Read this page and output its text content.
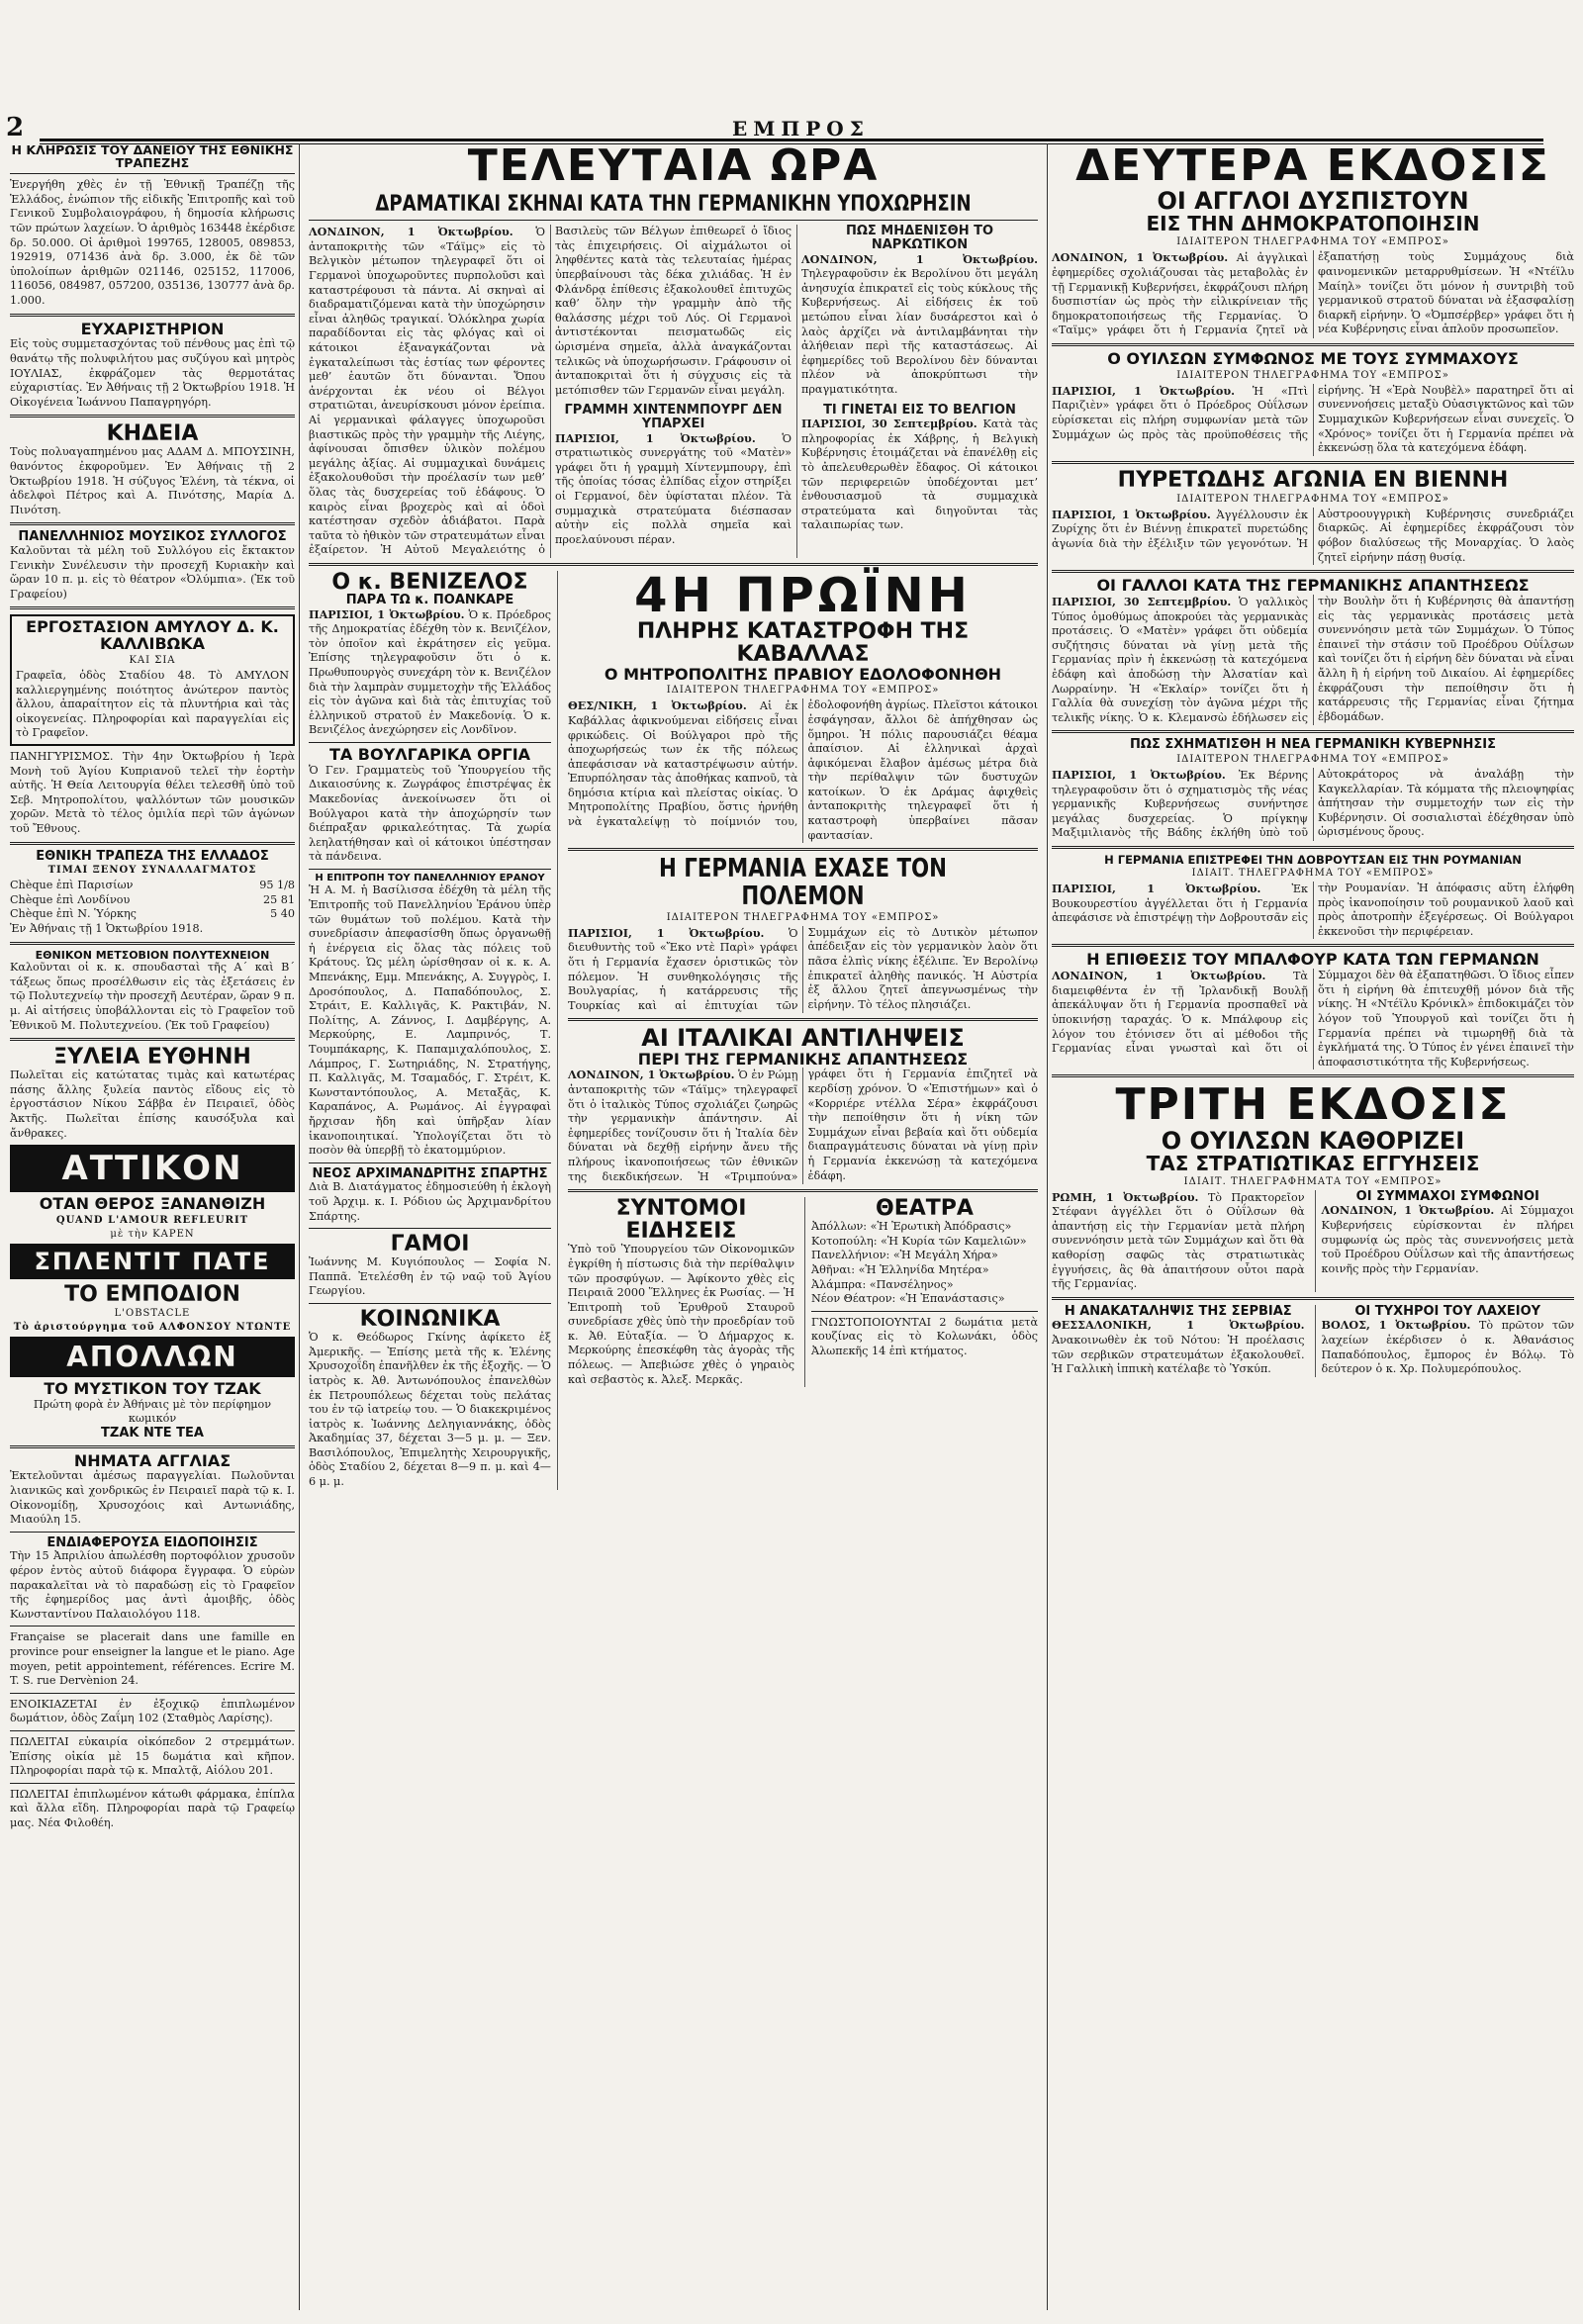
2	ΕΜΠΡΟΣ
Η ΚΛΗΡΩΣΙΣ ΤΟΥ ΔΑΝΕΙΟΥ ΤΗΣ ΕΘΝΙΚΗΣ ΤΡΑΠΕΖΗΣ
Ἐνεργήθη χθὲς ἐν τῇ Ἐθνικῇ Τραπέζῃ τῆς Ἑλλάδος, ἐνώπιον τῆς εἰδικῆς Ἐπιτροπῆς καὶ τοῦ Γενικοῦ Συμβολαιογράφου, ἡ δημοσία κλήρωσις τῶν πρώτων λαχείων. Ὁ ἀριθμὸς 163448 ἐκέρδισε δρ. 50.000. Οἱ ἀριθμοὶ 199765, 128005, 089853, 192919, 071436 ἀνὰ δρ. 3.000, ἐκ δὲ τῶν ὑπολοίπων ἀριθμῶν 021146, 025152, 117006, 116056, 084987, 057200, 035136, 130777 ἀνὰ δρ. 1.000.
ΕΥΧΑΡΙΣΤΗΡΙΟΝ
Εἰς τοὺς συμμετασχόντας τοῦ πένθους μας ἐπὶ τῷ θανάτῳ τῆς πολυφιλήτου μας συζύγου καὶ μητρὸς ΙΟΥΛΙΑΣ, ἐκφράζομεν τὰς θερμοτάτας εὐχαριστίας. Ἐν Ἀθήναις τῇ 2 Ὀκτωβρίου 1918. Ἡ Οἰκογένεια Ἰωάννου Παπαγρηγόρη.
ΚΗΔΕΙΑ
Τοὺς πολυαγαπημένου μας ΑΔΑΜ Δ. ΜΠΟΥΣΙΝΗ, θανόντος ἐκφοροῦμεν. Ἐν Ἀθήναις τῇ 2 Ὀκτωβρίου 1918. Ἡ σύζυγος Ἑλένη, τὰ τέκνα, οἱ ἀδελφοὶ Πέτρος καὶ Α. Πινότσης, Μαρία Δ. Πινότση.
ΠΑΝΕΛΛΗΝΙΟΣ ΜΟΥΣΙΚΟΣ ΣΥΛΛΟΓΟΣ
Καλοῦνται τὰ μέλη τοῦ Συλλόγου εἰς ἔκτακτον Γενικὴν Συνέλευσιν τὴν προσεχῆ Κυριακὴν καὶ ὥραν 10 π. μ. εἰς τὸ θέατρον «Ὀλύμπια». (Ἐκ τοῦ Γραφείου)
ΕΡΓΟΣΤΑΣΙΟΝ ΑΜΥΛΟΥ Δ. Κ. ΚΑΛΛΙΒΩΚΑ
ΚΑΙ ΣΙΑ
Γραφεῖα, ὁδὸς Σταδίου 48. Τὸ ΑΜΥΛΟΝ καλλιεργημένης ποιότητος ἀνώτερον παντὸς ἄλλου, ἀπαραίτητον εἰς τὰ πλυντήρια καὶ τὰς οἰκογενείας. Πληροφορίαι καὶ παραγγελίαι εἰς τὸ Γραφεῖον.
ΠΑΝΗΓΥΡΙΣΜΟΣ. Τὴν 4ην Ὀκτωβρίου ἡ Ἱερὰ Μονὴ τοῦ Ἁγίου Κυπριανοῦ τελεῖ τὴν ἑορτὴν αὐτῆς. Ἡ Θεία Λειτουργία θέλει τελεσθῆ ὑπὸ τοῦ Σεβ. Μητροπολίτου, ψαλλόντων τῶν μουσικῶν χορῶν. Μετὰ τὸ τέλος ὁμιλία περὶ τῶν ἀγώνων τοῦ Ἔθνους.
ΕΘΝΙΚΗ ΤΡΑΠΕΖΑ ΤΗΣ ΕΛΛΑΔΟΣ
ΤΙΜΑΙ ΞΕΝΟΥ ΣΥΝΑΛΛΑΓΜΑΤΟΣ
Chèque ἐπὶ Παρισίων	95 1/8
Chèque ἐπὶ Λονδίνου	25 81
Chèque ἐπὶ Ν. Ὑόρκης	5 40
Ἐν Ἀθήναις τῇ 1 Ὀκτωβρίου 1918.
ΕΘΝΙΚΟΝ ΜΕΤΣΟΒΙΟΝ ΠΟΛΥΤΕΧΝΕΙΟΝ
Καλοῦνται οἱ κ. κ. σπουδασταὶ τῆς Α΄ καὶ Β΄ τάξεως ὅπως προσέλθωσιν εἰς τὰς ἐξετάσεις ἐν τῷ Πολυτεχνείῳ τὴν προσεχῆ Δευτέραν, ὥραν 9 π. μ. Αἱ αἰτήσεις ὑποβάλλονται εἰς τὸ Γραφεῖον τοῦ Ἐθνικοῦ Μ. Πολυτεχνείου. (Ἐκ τοῦ Γραφείου)
ΞΥΛΕΙΑ ΕΥΘΗΝΗ
Πωλεῖται εἰς κατώτατας τιμὰς καὶ κατωτέρας πάσης ἄλλης ξυλεία παντὸς εἴδους εἰς τὸ ἐργοστάσιον Νίκου Σάββα ἐν Πειραιεῖ, ὁδὸς Ἀκτῆς. Πωλεῖται ἐπίσης καυσόξυλα καὶ ἄνθρακες.
ΑΤΤΙΚΟΝ
ΟΤΑΝ ΘΕΡΟΣ ΞΑΝΑΝΘΙΖΗ
QUAND L'AMOUR REFLEURIT
μὲ τὴν ΚΑΡΕΝ
ΣΠΛΕΝΤΙΤ ΠΑΤΕ
ΤΟ ΕΜΠΟΔΙΟΝ
L'OBSTACLE
Τὸ ἀριστούργημα τοῦ ΑΛΦΟΝΣΟΥ ΝΤΩΝΤΕ
ΑΠΟΛΛΩΝ
ΤΟ ΜΥΣΤΙΚΟΝ ΤΟΥ ΤΖΑΚ
Πρώτη φορὰ ἐν Ἀθήναις μὲ τὸν περίφημον κωμικόν
ΤΖΑΚ ΝΤΕ ΤΕΑ
ΝΗΜΑΤΑ ΑΓΓΛΙΑΣ
Ἐκτελοῦνται ἀμέσως παραγγελίαι. Πωλοῦνται λιανικῶς καὶ χονδρικῶς ἐν Πειραιεῖ παρὰ τῷ κ. Ι. Οἰκονομίδῃ, Χρυσοχόοις καὶ Αντωνιάδης, Μιαούλη 15.
ΕΝΔΙΑΦΕΡΟΥΣΑ ΕΙΔΟΠΟΙΗΣΙΣ
Τὴν 15 Ἀπριλίου ἀπωλέσθη πορτοφόλιον χρυσοῦν φέρον ἐντὸς αὐτοῦ διάφορα ἔγγραφα. Ὁ εὑρὼν παρακαλεῖται νὰ τὸ παραδώσῃ εἰς τὸ Γραφεῖον τῆς ἐφημερίδος μας ἀντὶ ἀμοιβῆς, ὁδὸς Κωνσταντίνου Παλαιολόγου 118.
Française se placerait dans une famille en province pour enseigner la langue et le piano. Age moyen, petit appointement, références. Ecrire M. T. S. rue Dervènion 24.
ΕΝΟΙΚΙΑΖΕΤΑΙ ἐν ἐξοχικῷ ἐπιπλωμένον δωμάτιον, ὁδὸς Ζαΐμη 102 (Σταθμὸς Λαρίσης).
ΠΩΛΕΙΤΑΙ εὐκαιρία οἰκόπεδον 2 στρεμμάτων. Ἐπίσης οἰκία μὲ 15 δωμάτια καὶ κῆπον. Πληροφορίαι παρὰ τῷ κ. Μπαλτᾷ, Αἰόλου 201.
ΠΩΛΕΙΤΑΙ ἐπιπλωμένον κάτωθι φάρμακα, ἐπίπλα καὶ ἄλλα εἴδη. Πληροφορίαι παρὰ τῷ Γραφείῳ μας. Νέα Φιλοθέη.
ΤΕΛΕΥΤΑΙΑ ΩΡΑ
ΔΡΑΜΑΤΙΚΑΙ ΣΚΗΝΑΙ ΚΑΤΑ ΤΗΝ ΓΕΡΜΑΝΙΚΗΝ ΥΠΟΧΩΡΗΣΙΝ
ΛΟΝΔΙΝΟΝ, 1 Ὀκτωβρίου. Ὁ ἀνταποκριτὴς τῶν «Τάϊμς» εἰς τὸ Βελγικὸν μέτωπον τηλεγραφεῖ ὅτι οἱ Γερμανοὶ ὑποχωροῦντες πυρπολοῦσι καὶ καταστρέφουσι τὰ πάντα. Αἱ σκηναὶ αἱ διαδραματιζόμεναι κατὰ τὴν ὑποχώρησιν εἶναι ἀληθῶς τραγικαί. Ὁλόκληρα χωρία παραδίδονται εἰς τὰς φλόγας καὶ οἱ κάτοικοι ἐξαναγκάζονται νὰ ἐγκαταλείπωσι τὰς ἑστίας των φέροντες μεθ’ ἑαυτῶν ὅτι δύνανται. Ὅπου ἀνέρχονται ἐκ νέου οἱ Βέλγοι στρατιῶται, ἀνευρίσκουσι μόνον ἐρείπια. Αἱ γερμανικαὶ φάλαγγες ὑποχωροῦσι βιαστικῶς πρὸς τὴν γραμμὴν τῆς Λιέγης, ἀφίνουσαι ὄπισθεν ὑλικὸν πολέμου μεγάλης ἀξίας. Αἱ συμμαχικαὶ δυνάμεις ἐξακολουθοῦσι τὴν προέλασίν των μεθ’ ὅλας τὰς δυσχερείας τοῦ ἐδάφους. Ὁ καιρὸς εἶναι βροχερὸς καὶ αἱ ὁδοὶ κατέστησαν σχεδὸν ἀδιάβατοι. Παρὰ ταῦτα τὸ ἠθικὸν τῶν στρατευμάτων εἶναι ἐξαίρετον. Ἡ Αὐτοῦ Μεγαλειότης ὁ Βασιλεὺς τῶν Βέλγων ἐπιθεωρεῖ ὁ ἴδιος τὰς ἐπιχειρήσεις. Οἱ αἰχμάλωτοι οἱ ληφθέντες κατὰ τὰς τελευταίας ἡμέρας ὑπερβαίνουσι τὰς δέκα χιλιάδας. Ἡ ἐν Φλάνδρᾳ ἐπίθεσις ἐξακολουθεῖ ἐπιτυχῶς καθ’ ὅλην τὴν γραμμὴν ἀπὸ τῆς θαλάσσης μέχρι τοῦ Λύς. Οἱ Γερμανοὶ ἀντιστέκονται πεισματωδῶς εἰς ὡρισμένα σημεῖα, ἀλλὰ ἀναγκάζονται τελικῶς νὰ ὑποχωρήσωσιν. Γράφουσιν οἱ ἀνταποκριταὶ ὅτι ἡ σύγχυσις εἰς τὰ μετόπισθεν τῶν Γερμανῶν εἶναι μεγάλη.
ΓΡΑΜΜΗ ΧΙΝΤΕΝΜΠΟΥΡΓ ΔΕΝ ΥΠΑΡΧΕΙ
ΠΑΡΙΣΙΟΙ, 1 Ὀκτωβρίου. Ὁ στρατιωτικὸς συνεργάτης τοῦ «Ματὲν» γράφει ὅτι ἡ γραμμὴ Χίντενμπουργ, ἐπὶ τῆς ὁποίας τόσας ἐλπίδας εἶχον στηρίξει οἱ Γερμανοί, δὲν ὑφίσταται πλέον. Τὰ συμμαχικὰ στρατεύματα διέσπασαν αὐτὴν εἰς πολλὰ σημεῖα καὶ προελαύνουσι πέραν.
ΠΩΣ ΜΗΔΕΝΙΣΘΗ ΤΟ ΝΑΡΚΩΤΙΚΟΝ
ΛΟΝΔΙΝΟΝ, 1 Ὀκτωβρίου. Τηλεγραφοῦσιν ἐκ Βερολίνου ὅτι μεγάλη ἀνησυχία ἐπικρατεῖ εἰς τοὺς κύκλους τῆς Κυβερνήσεως. Αἱ εἰδήσεις ἐκ τοῦ μετώπου εἶναι λίαν δυσάρεστοι καὶ ὁ λαὸς ἀρχίζει νὰ ἀντιλαμβάνηται τὴν ἀλήθειαν περὶ τῆς καταστάσεως. Αἱ ἐφημερίδες τοῦ Βερολίνου δὲν δύνανται πλέον νὰ ἀποκρύπτωσι τὴν πραγματικότητα.
ΤΙ ΓΙΝΕΤΑΙ ΕΙΣ ΤΟ ΒΕΛΓΙΟΝ
ΠΑΡΙΣΙΟΙ, 30 Σεπτεμβρίου. Κατὰ τὰς πληροφορίας ἐκ Χάβρης, ἡ Βελγικὴ Κυβέρνησις ἑτοιμάζεται νὰ ἐπανέλθῃ εἰς τὸ ἀπελευθερωθὲν ἔδαφος. Οἱ κάτοικοι τῶν περιφερειῶν ὑποδέχονται μετ’ ἐνθουσιασμοῦ τὰ συμμαχικὰ στρατεύματα καὶ διηγοῦνται τὰς ταλαιπωρίας των.
Ο κ. ΒΕΝΙΖΕΛΟΣ
ΠΑΡΑ ΤΩ κ. ΠΟΑΝΚΑΡΕ
ΠΑΡΙΣΙΟΙ, 1 Ὀκτωβρίου. Ὁ κ. Πρόεδρος τῆς Δημοκρατίας ἐδέχθη τὸν κ. Βενιζέλον, τὸν ὁποῖον καὶ ἐκράτησεν εἰς γεῦμα. Ἐπίσης τηλεγραφοῦσιν ὅτι ὁ κ. Πρωθυπουργὸς συνεχάρη τὸν κ. Βενιζέλον διὰ τὴν λαμπρὰν συμμετοχὴν τῆς Ἑλλάδος εἰς τὸν ἀγῶνα καὶ διὰ τὰς ἐπιτυχίας τοῦ ἑλληνικοῦ στρατοῦ ἐν Μακεδονίᾳ. Ὁ κ. Βενιζέλος ἀνεχώρησεν εἰς Λονδῖνον.
ΤΑ ΒΟΥΛΓΑΡΙΚΑ ΟΡΓΙΑ
Ὁ Γεν. Γραμματεὺς τοῦ Ὑπουργείου τῆς Δικαιοσύνης κ. Ζωγράφος ἐπιστρέψας ἐκ Μακεδονίας ἀνεκοίνωσεν ὅτι οἱ Βούλγαροι κατὰ τὴν ἀποχώρησίν των διέπραξαν φρικαλεότητας. Τὰ χωρία λεηλατήθησαν καὶ οἱ κάτοικοι ὑπέστησαν τὰ πάνδεινα.
Η ΕΠΙΤΡΟΠΗ ΤΟΥ ΠΑΝΕΛΛΗΝΙΟΥ ΕΡΑΝΟΥ
Ἡ Α. Μ. ἡ Βασίλισσα ἐδέχθη τὰ μέλη τῆς Ἐπιτροπῆς τοῦ Πανελληνίου Ἐράνου ὑπὲρ τῶν θυμάτων τοῦ πολέμου. Κατὰ τὴν συνεδρίασιν ἀπεφασίσθη ὅπως ὀργανωθῇ ἡ ἐνέργεια εἰς ὅλας τὰς πόλεις τοῦ Κράτους. Ὡς μέλη ὡρίσθησαν οἱ κ. κ. Α. Μπενάκης, Εμμ. Μπενάκης, Α. Συγγρὸς, Ι. Δροσόπουλος, Δ. Παπαδόπουλος, Σ. Στράιτ, Ε. Καλλιγᾶς, Κ. Ρακτιβάν, Ν. Πολίτης, Α. Ζάννος, Ι. Δαμβέργης, Α. Μερκούρης, Ε. Λαμπρινός, Τ. Τουμπάκαρης, Κ. Παπαμιχαλόπουλος, Σ. Λάμπρος, Γ. Σωτηριάδης, Ν. Στρατήγης, Π. Καλλιγᾶς, Μ. Τσαμαδός, Γ. Στρέιτ, Κ. Κωνσταντόπουλος, Α. Μεταξᾶς, Κ. Καραπάνος, Α. Ρωμάνος. Αἱ ἐγγραφαὶ ἤρχισαν ἤδη καὶ ὑπῆρξαν λίαν ἱκανοποιητικαί. Ὑπολογίζεται ὅτι τὸ ποσὸν θὰ ὑπερβῇ τὸ ἑκατομμύριον.
ΝΕΟΣ ΑΡΧΙΜΑΝΔΡΙΤΗΣ ΣΠΑΡΤΗΣ
Διὰ Β. Διατάγματος ἐδημοσιεύθη ἡ ἐκλογὴ τοῦ Ἀρχιμ. κ. Ι. Ρόδιου ὡς Ἀρχιμανδρίτου Σπάρτης.
ΓΑΜΟΙ
Ἰωάννης Μ. Κυγιόπουλος — Σοφία Ν. Παππᾶ. Ἐτελέσθη ἐν τῷ ναῷ τοῦ Ἁγίου Γεωργίου.
ΚΟΙΝΩΝΙΚΑ
Ὁ κ. Θεόδωρος Γκίνης ἀφίκετο ἐξ Ἀμερικῆς. — Ἐπίσης μετὰ τῆς κ. Ἑλένης Χρυσοχοΐδη ἐπανῆλθεν ἐκ τῆς ἐξοχῆς. — Ὁ ἰατρὸς κ. Ἀθ. Ἀντωνόπουλος ἐπανελθὼν ἐκ Πετρουπόλεως δέχεται τοὺς πελάτας του ἐν τῷ ἰατρείῳ του. — Ὁ διακεκριμένος ἰατρὸς κ. Ἰωάννης Δεληγιαννάκης, ὁδὸς Ἀκαδημίας 37, δέχεται 3—5 μ. μ. — Ξεν. Βασιλόπουλος, Ἐπιμελητὴς Χειρουργικῆς, ὁδὸς Σταδίου 2, δέχεται 8—9 π. μ. καὶ 4—6 μ. μ.
4Η ΠΡΩΪΝΗ
ΠΛΗΡΗΣ ΚΑΤΑΣΤΡΟΦΗ ΤΗΣ ΚΑΒΑΛΛΑΣ
Ο ΜΗΤΡΟΠΟΛΙΤΗΣ ΠΡΑΒΙΟΥ ΕΔΟΛΟΦΟΝΗΘΗ
ΙΔΙΑΙΤΕΡΟΝ ΤΗΛΕΓΡΑΦΗΜΑ ΤΟΥ «ΕΜΠΡΟΣ»
ΘΕΣ/ΝΙΚΗ, 1 Ὀκτωβρίου. Αἱ ἐκ Καβάλλας ἀφικνούμεναι εἰδήσεις εἶναι φρικώδεις. Οἱ Βούλγαροι πρὸ τῆς ἀποχωρήσεώς των ἐκ τῆς πόλεως ἀπεφάσισαν νὰ καταστρέψωσιν αὐτήν. Ἐπυρπόλησαν τὰς ἀποθήκας καπνοῦ, τὰ δημόσια κτίρια καὶ πλείστας οἰκίας. Ὁ Μητροπολίτης Πραβίου, ὅστις ἠρνήθη νὰ ἐγκαταλείψῃ τὸ ποίμνιόν του, ἐδολοφονήθη ἀγρίως. Πλεῖστοι κάτοικοι ἐσφάγησαν, ἄλλοι δὲ ἀπήχθησαν ὡς ὅμηροι. Ἡ πόλις παρουσιάζει θέαμα ἀπαίσιον. Αἱ ἑλληνικαὶ ἀρχαὶ ἀφικόμεναι ἔλαβον ἀμέσως μέτρα διὰ τὴν περίθαλψιν τῶν δυστυχῶν κατοίκων. Ὁ ἐκ Δράμας ἀφιχθεὶς ἀνταποκριτὴς τηλεγραφεῖ ὅτι ἡ καταστροφὴ ὑπερβαίνει πᾶσαν φαντασίαν.
Η ΓΕΡΜΑΝΙΑ ΕΧΑΣΕ ΤΟΝ ΠΟΛΕΜΟΝ
ΙΔΙΑΙΤΕΡΟΝ ΤΗΛΕΓΡΑΦΗΜΑ ΤΟΥ «ΕΜΠΡΟΣ»
ΠΑΡΙΣΙΟΙ, 1 Ὀκτωβρίου. Ὁ διευθυντὴς τοῦ «Ἔκο ντὲ Παρὶ» γράφει ὅτι ἡ Γερμανία ἔχασεν ὁριστικῶς τὸν πόλεμον. Ἡ συνθηκολόγησις τῆς Βουλγαρίας, ἡ κατάρρευσις τῆς Τουρκίας καὶ αἱ ἐπιτυχίαι τῶν Συμμάχων εἰς τὸ Δυτικὸν μέτωπον ἀπέδειξαν εἰς τὸν γερμανικὸν λαὸν ὅτι πᾶσα ἐλπὶς νίκης ἐξέλιπε. Ἐν Βερολίνῳ ἐπικρατεῖ ἀληθὴς πανικός. Ἡ Αὐστρία ἐξ ἄλλου ζητεῖ ἀπεγνωσμένως τὴν εἰρήνην. Τὸ τέλος πλησιάζει.
ΑΙ ΙΤΑΛΙΚΑΙ ΑΝΤΙΛΗΨΕΙΣ
ΠΕΡΙ ΤΗΣ ΓΕΡΜΑΝΙΚΗΣ ΑΠΑΝΤΗΣΕΩΣ
ΛΟΝΔΙΝΟΝ, 1 Ὀκτωβρίου. Ὁ ἐν Ρώμῃ ἀνταποκριτὴς τῶν «Τάϊμς» τηλεγραφεῖ ὅτι ὁ ἰταλικὸς Τύπος σχολιάζει ζωηρῶς τὴν γερμανικὴν ἀπάντησιν. Αἱ ἐφημερίδες τονίζουσιν ὅτι ἡ Ἰταλία δὲν δύναται νὰ δεχθῇ εἰρήνην ἄνευ τῆς πλήρους ἱκανοποιήσεως τῶν ἐθνικῶν της διεκδικήσεων. Ἡ «Τριμπούνα» γράφει ὅτι ἡ Γερμανία ἐπιζητεῖ νὰ κερδίσῃ χρόνον. Ὁ «Ἐπιστήμων» καὶ ὁ «Κορριέρε ντέλλα Σέρα» ἐκφράζουσι τὴν πεποίθησιν ὅτι ἡ νίκη τῶν Συμμάχων εἶναι βεβαία καὶ ὅτι οὐδεμία διαπραγμάτευσις δύναται νὰ γίνῃ πρὶν ἡ Γερμανία ἐκκενώσῃ τὰ κατεχόμενα ἐδάφη.
ΣΥΝΤΟΜΟΙ ΕΙΔΗΣΕΙΣ
Ὑπὸ τοῦ Ὑπουργείου τῶν Οἰκονομικῶν ἐγκρίθη ἡ πίστωσις διὰ τὴν περίθαλψιν τῶν προσφύγων. — Ἀφίκοντο χθὲς εἰς Πειραιᾶ 2000 Ἕλληνες ἐκ Ρωσίας. — Ἡ Ἐπιτροπὴ τοῦ Ἐρυθροῦ Σταυροῦ συνεδρίασε χθὲς ὑπὸ τὴν προεδρίαν τοῦ κ. Ἀθ. Εὐταξία. — Ὁ Δήμαρχος κ. Μερκούρης ἐπεσκέφθη τὰς ἀγορὰς τῆς πόλεως. — Ἀπεβιώσε χθὲς ὁ γηραιὸς καὶ σεβαστὸς κ. Ἀλεξ. Μερκᾶς.
ΘΕΑΤΡΑ
Ἀπόλλων: «Ἡ Ἐρωτικὴ Ἀπόδρασις»
Κοτοπούλη: «Ἡ Κυρία τῶν Καμελιῶν»
Πανελλήνιον: «Ἡ Μεγάλη Χήρα»
Ἀθῆναι: «Ἡ Ἑλληνίδα Μητέρα»
Ἀλάμπρα: «Πανσέληνος»
Νέον Θέατρον: «Ἡ Ἐπανάστασις»
ΓΝΩΣΤΟΠΟΙΟΥΝΤΑΙ 2 δωμάτια μετὰ κουζίνας εἰς τὸ Κολωνάκι, ὁδὸς Ἀλωπεκῆς 14 ἐπὶ κτήματος.
ΔΕΥΤΕΡΑ ΕΚΔΟΣΙΣ
ΟΙ ΑΓΓΛΟΙ ΔΥΣΠΙΣΤΟΥΝ
ΕΙΣ ΤΗΝ ΔΗΜΟΚΡΑΤΟΠΟΙΗΣΙΝ
ΙΔΙΑΙΤΕΡΟΝ ΤΗΛΕΓΡΑΦΗΜΑ ΤΟΥ «ΕΜΠΡΟΣ»
ΛΟΝΔΙΝΟΝ, 1 Ὀκτωβρίου. Αἱ ἀγγλικαὶ ἐφημερίδες σχολιάζουσαι τὰς μεταβολὰς ἐν τῇ Γερμανικῇ Κυβερνήσει, ἐκφράζουσι πλήρη δυσπιστίαν ὡς πρὸς τὴν εἰλικρίνειαν τῆς δημοκρατοποιήσεως τῆς Γερμανίας. Ὁ «Ταϊμς» γράφει ὅτι ἡ Γερμανία ζητεῖ νὰ ἐξαπατήσῃ τοὺς Συμμάχους διὰ φαινομενικῶν μεταρρυθμίσεων. Ἡ «Ντέϊλυ Μαίηλ» τονίζει ὅτι μόνον ἡ συντριβὴ τοῦ γερμανικοῦ στρατοῦ δύναται νὰ ἐξασφαλίσῃ διαρκῆ εἰρήνην. Ὁ «Ὀμπσέρβερ» γράφει ὅτι ἡ νέα Κυβέρνησις εἶναι ἁπλοῦν προσωπεῖον.
Ο ΟΥΙΛΣΩΝ ΣΥΜΦΩΝΟΣ ΜΕ ΤΟΥΣ ΣΥΜΜΑΧΟΥΣ
ΙΔΙΑΙΤΕΡΟΝ ΤΗΛΕΓΡΑΦΗΜΑ ΤΟΥ «ΕΜΠΡΟΣ»
ΠΑΡΙΣΙΟΙ, 1 Ὀκτωβρίου. Ἡ «Πτὶ Παριζιὲν» γράφει ὅτι ὁ Πρόεδρος Οὐΐλσων εὑρίσκεται εἰς πλήρη συμφωνίαν μετὰ τῶν Συμμάχων ὡς πρὸς τὰς προϋποθέσεις τῆς εἰρήνης. Ἡ «Ἐρὰ Νουβὲλ» παρατηρεῖ ὅτι αἱ συνεννοήσεις μεταξὺ Οὐασιγκτῶνος καὶ τῶν Συμμαχικῶν Κυβερνήσεων εἶναι συνεχεῖς. Ὁ «Χρόνος» τονίζει ὅτι ἡ Γερμανία πρέπει νὰ ἐκκενώσῃ ὅλα τὰ κατεχόμενα ἐδάφη.
ΠΥΡΕΤΩΔΗΣ ΑΓΩΝΙΑ ΕΝ ΒΙΕΝΝΗ
ΙΔΙΑΙΤΕΡΟΝ ΤΗΛΕΓΡΑΦΗΜΑ ΤΟΥ «ΕΜΠΡΟΣ»
ΠΑΡΙΣΙΟΙ, 1 Ὀκτωβρίου. Ἀγγέλλουσιν ἐκ Ζυρίχης ὅτι ἐν Βιέννῃ ἐπικρατεῖ πυρετώδης ἀγωνία διὰ τὴν ἐξέλιξιν τῶν γεγονότων. Ἡ Αὐστροουγγρικὴ Κυβέρνησις συνεδριάζει διαρκῶς. Αἱ ἐφημερίδες ἐκφράζουσι τὸν φόβον διαλύσεως τῆς Μοναρχίας. Ὁ λαὸς ζητεῖ εἰρήνην πάσῃ θυσίᾳ.
ΟΙ ΓΑΛΛΟΙ ΚΑΤΑ ΤΗΣ ΓΕΡΜΑΝΙΚΗΣ ΑΠΑΝΤΗΣΕΩΣ
ΠΑΡΙΣΙΟΙ, 30 Σεπτεμβρίου. Ὁ γαλλικὸς Τύπος ὁμοθύμως ἀποκρούει τὰς γερμανικὰς προτάσεις. Ὁ «Ματὲν» γράφει ὅτι οὐδεμία συζήτησις δύναται νὰ γίνῃ μετὰ τῆς Γερμανίας πρὶν ἡ ἐκκενώσῃ τὰ κατεχόμενα ἐδάφη καὶ ἀποδώσῃ τὴν Ἀλσατίαν καὶ Λωρραίνην. Ἡ «Ἐκλαίρ» τονίζει ὅτι ἡ Γαλλία θὰ συνεχίσῃ τὸν ἀγῶνα μέχρι τῆς τελικῆς νίκης. Ὁ κ. Κλεμανσὼ ἐδήλωσεν εἰς τὴν Βουλὴν ὅτι ἡ Κυβέρνησις θὰ ἀπαντήσῃ εἰς τὰς γερμανικὰς προτάσεις μετὰ συνεννόησιν μετὰ τῶν Συμμάχων. Ὁ Τύπος ἐπαινεῖ τὴν στάσιν τοῦ Προέδρου Οὐΐλσων καὶ τονίζει ὅτι ἡ εἰρήνη δὲν δύναται νὰ εἶναι ἄλλη ἢ ἡ εἰρήνη τοῦ Δικαίου. Αἱ ἐφημερίδες ἐκφράζουσι τὴν πεποίθησιν ὅτι ἡ κατάρρευσις τῆς Γερμανίας εἶναι ζήτημα ἑβδομάδων.
ΠΩΣ ΣΧΗΜΑΤΙΣΘΗ Η ΝΕΑ ΓΕΡΜΑΝΙΚΗ ΚΥΒΕΡΝΗΣΙΣ
ΙΔΙΑΙΤΕΡΟΝ ΤΗΛΕΓΡΑΦΗΜΑ ΤΟΥ «ΕΜΠΡΟΣ»
ΠΑΡΙΣΙΟΙ, 1 Ὀκτωβρίου. Ἐκ Βέρνης τηλεγραφοῦσιν ὅτι ὁ σχηματισμὸς τῆς νέας γερμανικῆς Κυβερνήσεως συνήντησε μεγάλας δυσχερείας. Ὁ πρίγκηψ Μαξιμιλιανὸς τῆς Βάδης ἐκλήθη ὑπὸ τοῦ Αὐτοκράτορος νὰ ἀναλάβῃ τὴν Καγκελλαρίαν. Τὰ κόμματα τῆς πλειοψηφίας ἀπήτησαν τὴν συμμετοχήν των εἰς τὴν Κυβέρνησιν. Οἱ σοσιαλισταὶ ἐδέχθησαν ὑπὸ ὡρισμένους ὅρους.
Η ΓΕΡΜΑΝΙΑ ΕΠΙΣΤΡΕΦΕΙ ΤΗΝ ΔΟΒΡΟΥΤΣΑΝ ΕΙΣ ΤΗΝ ΡΟΥΜΑΝΙΑΝ
ΙΔΙΑΙΤ. ΤΗΛΕΓΡΑΦΗΜΑ ΤΟΥ «ΕΜΠΡΟΣ»
ΠΑΡΙΣΙΟΙ, 1 Ὀκτωβρίου.	Ἐκ Βουκουρεστίου ἀγγέλλεται ὅτι ἡ Γερμανία ἀπεφάσισε νὰ ἐπιστρέψῃ τὴν Δοβρουτσᾶν εἰς τὴν Ρουμανίαν. Ἡ ἀπόφασις αὕτη ἐλήφθη πρὸς ἱκανοποίησιν τοῦ ρουμανικοῦ λαοῦ καὶ πρὸς ἀποτροπὴν ἐξεγέρσεως. Οἱ Βούλγαροι ἐκκενοῦσι τὴν περιφέρειαν.
Η ΕΠΙΘΕΣΙΣ ΤΟΥ ΜΠΑΛΦΟΥΡ ΚΑΤΑ ΤΩΝ ΓΕΡΜΑΝΩΝ
ΛΟΝΔΙΝΟΝ, 1 Ὀκτωβρίου. Τὰ διαμειφθέντα ἐν τῇ Ἰρλανδικῇ Βουλῇ ἀπεκάλυψαν ὅτι ἡ Γερμανία προσπαθεῖ νὰ ὑποκινήσῃ ταραχάς. Ὁ κ. Μπάλφουρ εἰς λόγον του ἐτόνισεν ὅτι αἱ μέθοδοι τῆς Γερμανίας εἶναι γνωσταὶ καὶ ὅτι οἱ Σύμμαχοι δὲν θὰ ἐξαπατηθῶσι. Ὁ ἴδιος εἶπεν ὅτι ἡ εἰρήνη θὰ ἐπιτευχθῇ μόνον διὰ τῆς νίκης. Ἡ «Ντέϊλυ Κρόνικλ» ἐπιδοκιμάζει τὸν λόγον τοῦ Ὑπουργοῦ καὶ τονίζει ὅτι ἡ Γερμανία πρέπει νὰ τιμωρηθῇ διὰ τὰ ἐγκλήματά της. Ὁ Τύπος ἐν γένει ἐπαινεῖ τὴν ἀποφασιστικότητα τῆς Κυβερνήσεως.
ΤΡΙΤΗ ΕΚΔΟΣΙΣ
Ο ΟΥΙΛΣΩΝ ΚΑΘΟΡΙΖΕΙ
ΤΑΣ ΣΤΡΑΤΙΩΤΙΚΑΣ ΕΓΓΥΗΣΕΙΣ
ΙΔΙΑΙΤ. ΤΗΛΕΓΡΑΦΗΜΑΤΑ ΤΟΥ «ΕΜΠΡΟΣ»
ΡΩΜΗ, 1 Ὀκτωβρίου. Τὸ Πρακτορεῖον Στέφανι ἀγγέλλει ὅτι ὁ Οὐΐλσων θὰ ἀπαντήσῃ εἰς τὴν Γερμανίαν μετὰ πλήρη συνεννόησιν μετὰ τῶν Συμμάχων καὶ ὅτι θὰ καθορίσῃ σαφῶς τὰς στρατιωτικὰς ἐγγυήσεις, ἃς θὰ ἀπαιτήσουν οὗτοι παρὰ τῆς Γερμανίας.
ΟΙ ΣΥΜΜΑΧΟΙ ΣΥΜΦΩΝΟΙ
ΛΟΝΔΙΝΟΝ, 1 Ὀκτωβρίου. Αἱ Σύμμαχοι Κυβερνήσεις εὑρίσκονται ἐν πλήρει συμφωνίᾳ ὡς πρὸς τὰς συνεννοήσεις μετὰ τοῦ Προέδρου Οὐΐλσων καὶ τῆς ἀπαντήσεως κοινῆς πρὸς τὴν Γερμανίαν.
Η ΑΝΑΚΑΤΑΛΗΨΙΣ ΤΗΣ ΣΕΡΒΙΑΣ
ΘΕΣΣΑΛΟΝΙΚΗ, 1 Ὀκτωβρίου. Ἀνακοινωθὲν ἐκ τοῦ Νότου: Ἡ προέλασις τῶν σερβικῶν στρατευμάτων ἐξακολουθεῖ. Ἡ Γαλλικὴ ἱππικὴ κατέλαβε τὸ Ὑσκύπ.
ΟΙ ΤΥΧΗΡΟΙ ΤΟΥ ΛΑΧΕΙΟΥ
ΒΟΛΟΣ, 1 Ὀκτωβρίου. Τὸ πρῶτον τῶν λαχείων ἐκέρδισεν ὁ κ. Ἀθανάσιος Παπαδόπουλος, ἔμπορος ἐν Βόλῳ. Τὸ δεύτερον ὁ κ. Χρ. Πολυμερόπουλος.
